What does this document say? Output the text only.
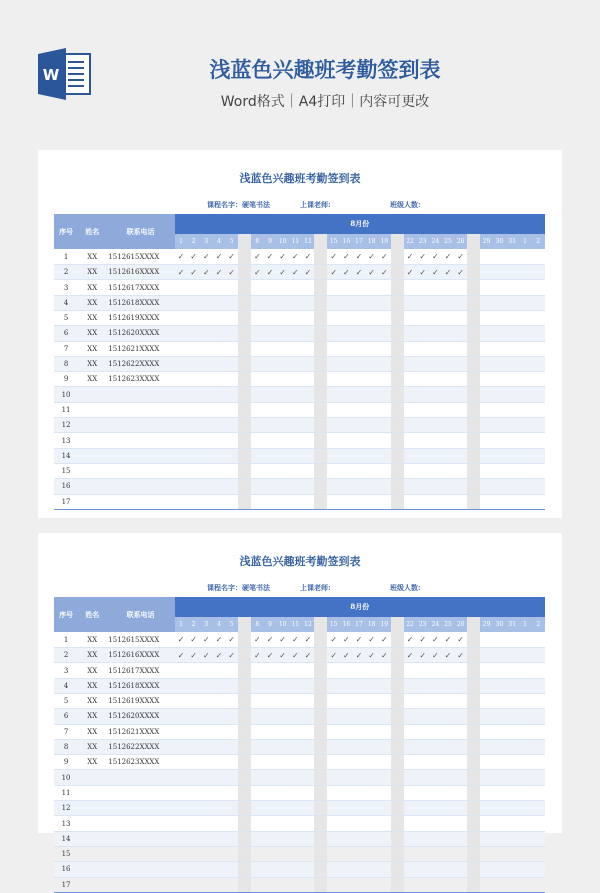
W	浅蓝色兴趣班考勤签到表
Word格式｜A4打印｜内容可更改
浅蓝色兴趣班考勤签到表
课程名字：硬笔书法	上课老师:	班级人数:
序号	姓名	联系电话	8月份																												
			1	2	3	4	5		8	9	10	11	12		15	16	17	18	19		22	23	24	25	26		29	30	31	1	2
1	XX	1512615XXXX	✓	✓	✓	✓	✓		✓	✓	✓	✓	✓		✓	✓	✓	✓	✓		✓	✓	✓	✓	✓						
2	XX	1512616XXXX	✓	✓	✓	✓	✓		✓	✓	✓	✓	✓		✓	✓	✓	✓	✓		✓	✓	✓	✓	✓						
3	XX	1512617XXXX																													
4	XX	1512618XXXX																													
5	XX	1512619XXXX																													
6	XX	1512620XXXX																													
7	XX	1512621XXXX																													
8	XX	1512622XXXX																													
9	XX	1512623XXXX																													
10																															
11																															
12																															
13																															
14																															
15																															
16																															
17																															
浅蓝色兴趣班考勤签到表
课程名字：硬笔书法	上课老师:	班级人数:
序号	姓名	联系电话	8月份																												
			1	2	3	4	5		8	9	10	11	12		15	16	17	18	19		22	23	24	25	26		29	30	31	1	2
1	XX	1512615XXXX	✓	✓	✓	✓	✓		✓	✓	✓	✓	✓		✓	✓	✓	✓	✓		✓	✓	✓	✓	✓						
2	XX	1512616XXXX	✓	✓	✓	✓	✓		✓	✓	✓	✓	✓		✓	✓	✓	✓	✓		✓	✓	✓	✓	✓						
3	XX	1512617XXXX																													
4	XX	1512618XXXX																													
5	XX	1512619XXXX																													
6	XX	1512620XXXX																													
7	XX	1512621XXXX																													
8	XX	1512622XXXX																													
9	XX	1512623XXXX																													
10																															
11																															
12																															
13																															
14																															
15																															
16																															
17																															
